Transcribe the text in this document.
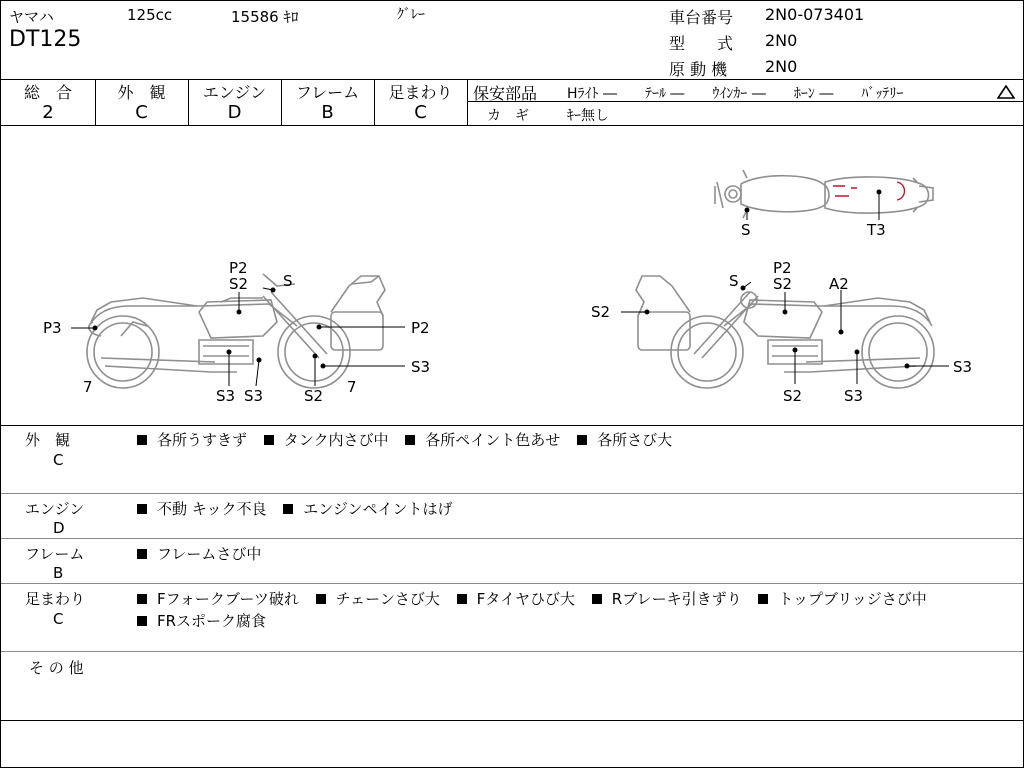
ヤマハ	125cc	15586 ｷﾛ	ｸﾞﾚｰ
DT125
車台番号 2N0-073401
型　　式 2N0
原 動 機 2N0
総　合
2
外　観
C
エンジン
D
フレーム
B
足まわり
C
保安部品 Hﾗｲﾄ ―　　ﾃｰﾙ ―　　ｳｲﾝｶｰ ―　　ﾎｰﾝ ―　　ﾊﾞｯﾃﾘｰ
カ　ギ	ｷｰ無し
P2
S2 S
P3	P2
S3
7	S3 S3	S2 7
S
P2
S2 A2
S2
S3
S2	S3
S	T3
外　観
C
各所うすきず タンク内さび中 各所ペイント色あせ 各所さび大
エンジン
D
不動 キック不良 エンジンペイントはげ
フレーム
B
フレームさび中
足まわり
C
Fフォークブーツ破れ チェーンさび大 Fタイヤひび大 Rブレーキ引きずり トップブリッジさび中
FRスポーク腐食
そ の 他
